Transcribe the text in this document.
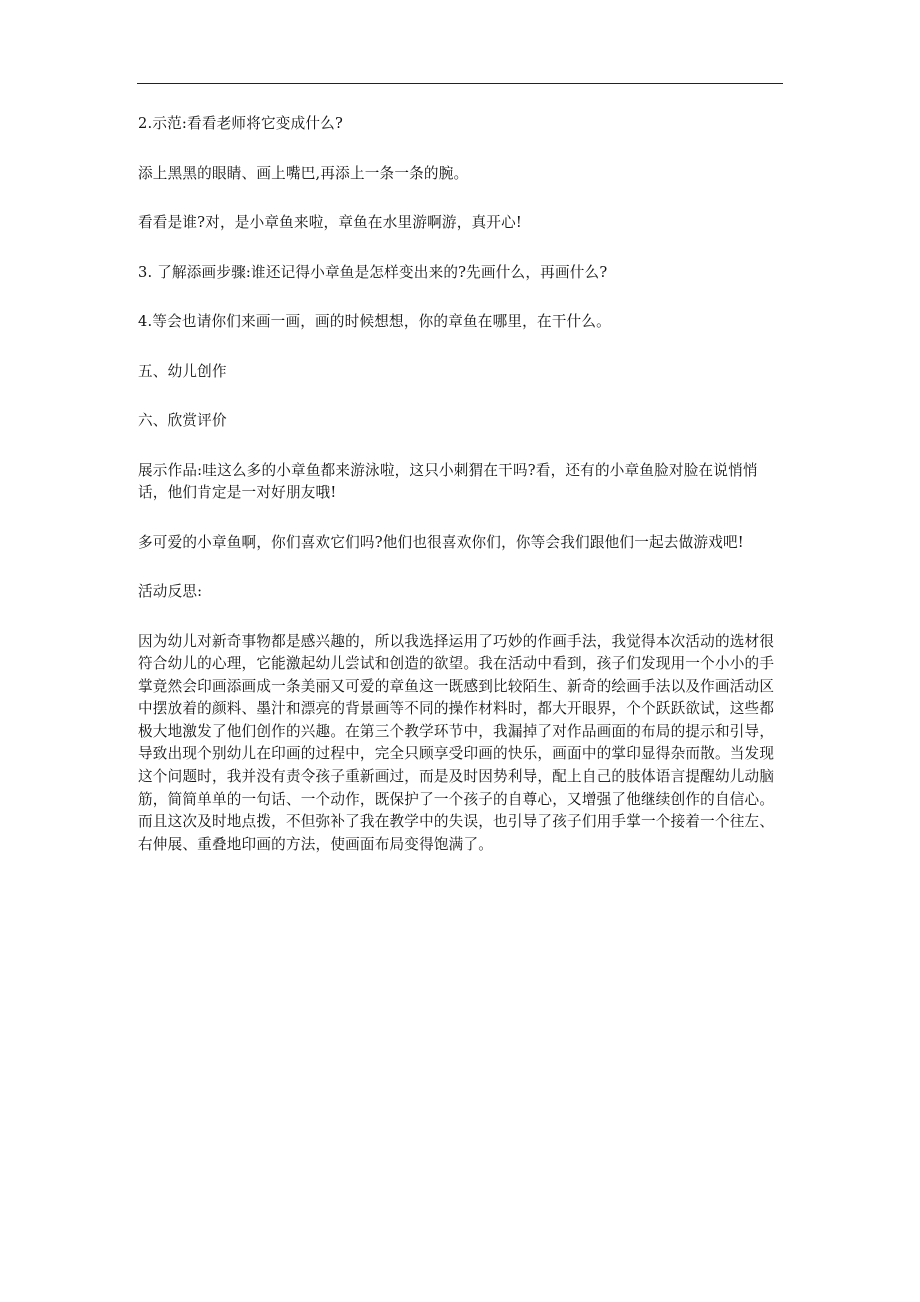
2.示范:看看老师将它变成什么?

添上黑黑的眼睛、画上嘴巴,再添上一条一条的腕。

看看是谁?对，是小章鱼来啦，章鱼在水里游啊游，真开心!

3. 了解添画步骤:谁还记得小章鱼是怎样变出来的?先画什么，再画什么?

4.等会也请你们来画一画，画的时候想想，你的章鱼在哪里，在干什么。

五、幼儿创作

六、欣赏评价

展示作品:哇这么多的小章鱼都来游泳啦，这只小刺猬在干吗?看，还有的小章鱼脸对脸在说悄悄话，他们肯定是一对好朋友哦!

多可爱的小章鱼啊，你们喜欢它们吗?他们也很喜欢你们，你等会我们跟他们一起去做游戏吧!

活动反思:

因为幼儿对新奇事物都是感兴趣的，所以我选择运用了巧妙的作画手法，我觉得本次活动的选材很符合幼儿的心理，它能激起幼儿尝试和创造的欲望。我在活动中看到，孩子们发现用一个小小的手掌竟然会印画添画成一条美丽又可爱的章鱼这一既感到比较陌生、新奇的绘画手法以及作画活动区中摆放着的颜料、墨汁和漂亮的背景画等不同的操作材料时，都大开眼界，个个跃跃欲试，这些都极大地激发了他们创作的兴趣。在第三个教学环节中，我漏掉了对作品画面的布局的提示和引导，导致出现个别幼儿在印画的过程中，完全只顾享受印画的快乐，画面中的掌印显得杂而散。当发现这个问题时，我并没有责令孩子重新画过，而是及时因势利导，配上自己的肢体语言提醒幼儿动脑筋，简简单单的一句话、一个动作，既保护了一个孩子的自尊心，又增强了他继续创作的自信心。而且这次及时地点拨，不但弥补了我在教学中的失误，也引导了孩子们用手掌一个接着一个往左、右伸展、重叠地印画的方法，使画面布局变得饱满了。
